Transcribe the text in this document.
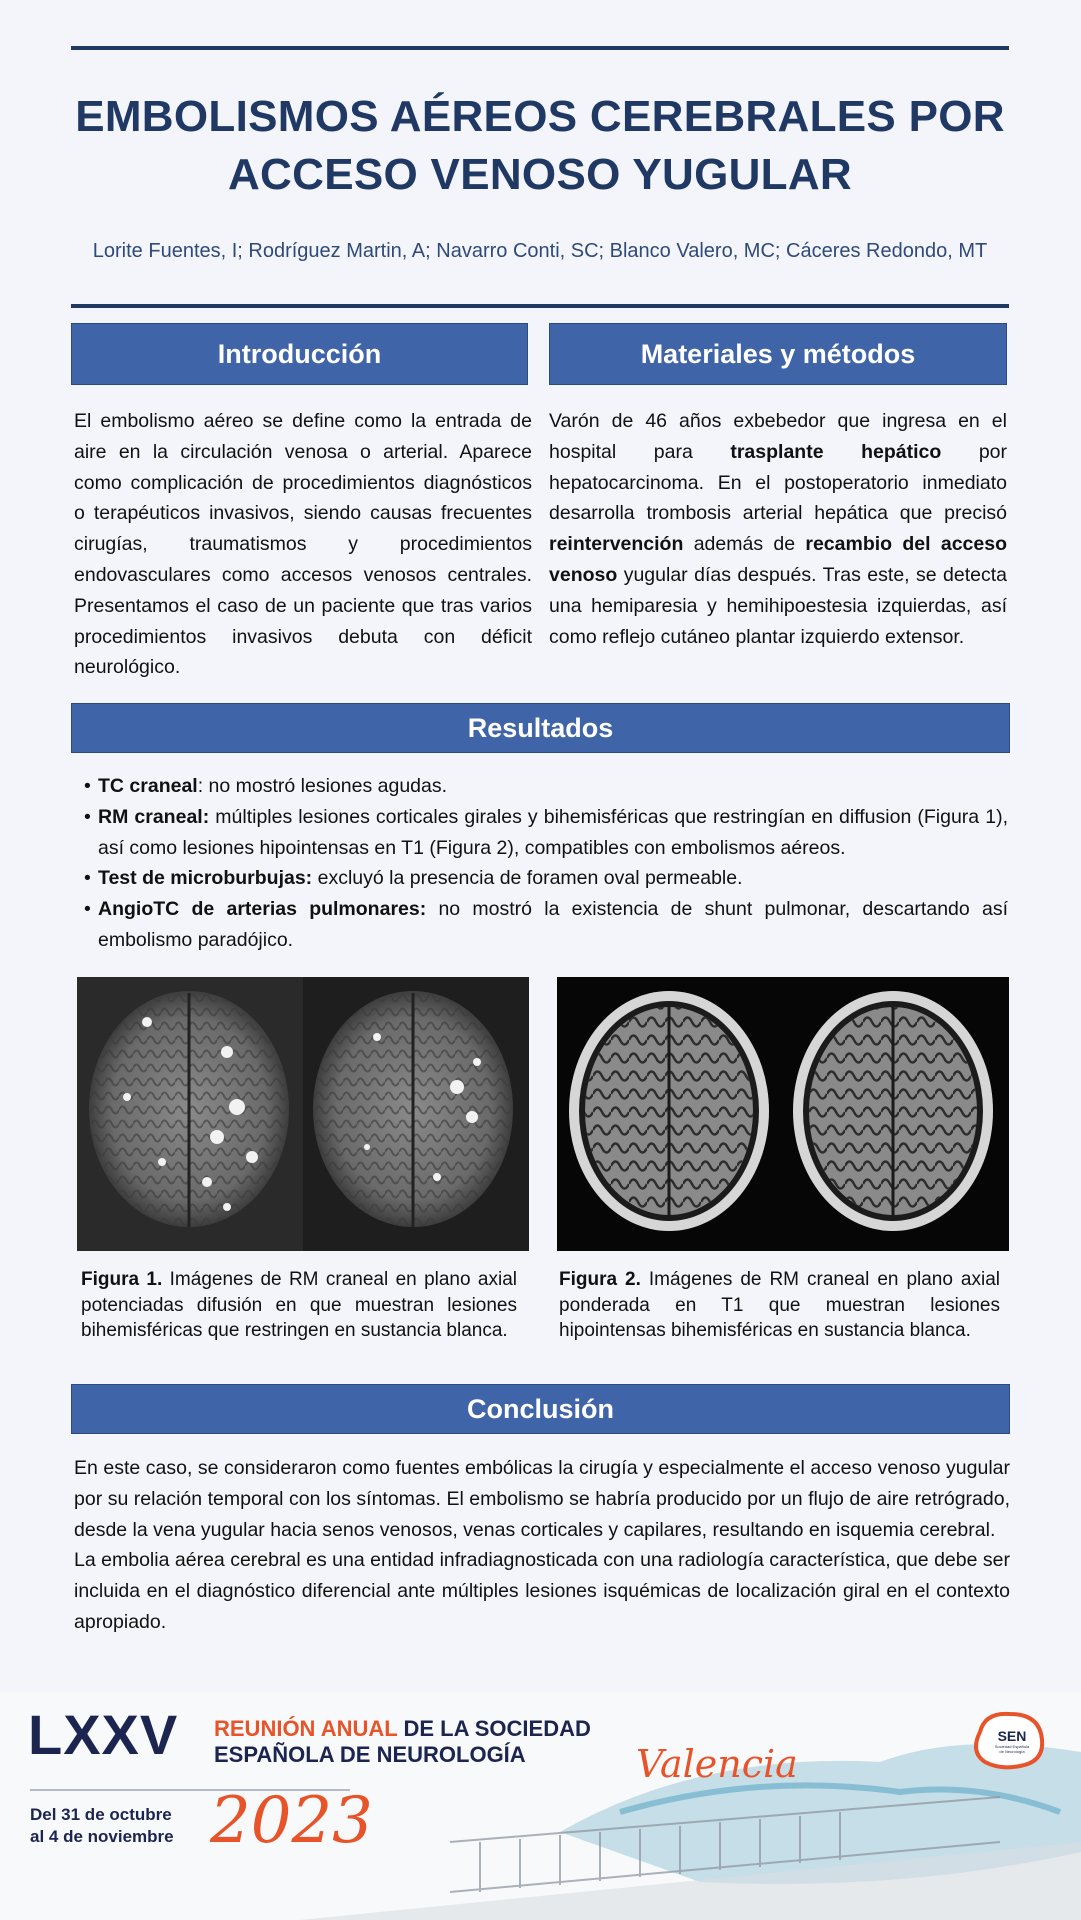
EMBOLISMOS AÉREOS CEREBRALES POR
ACCESO VENOSO YUGULAR
Lorite Fuentes, I; Rodríguez Martin, A; Navarro Conti, SC; Blanco Valero, MC; Cáceres Redondo, MT
Introducción
El embolismo aéreo se define como la entrada de aire en la circulación venosa o arterial. Aparece como complicación de procedimientos diagnósticos o terapéuticos invasivos, siendo causas frecuentes cirugías, traumatismos y procedimientos endovasculares como accesos venosos centrales. Presentamos el caso de un paciente que tras varios procedimientos invasivos debuta con déficit neurológico.
Materiales y métodos
Varón de 46 años exbebedor que ingresa en el hospital para trasplante hepático por hepatocarcinoma. En el postoperatorio inmediato desarrolla trombosis arterial hepática que precisó reintervención además de recambio del acceso venoso yugular días después. Tras este, se detecta una hemiparesia y hemihipoestesia izquierdas, así como reflejo cutáneo plantar izquierdo extensor.
Resultados
• TC craneal: no mostró lesiones agudas.
• RM craneal: múltiples lesiones corticales girales y bihemisféricas que restringían en diffusion (Figura 1), así como lesiones hipointensas en T1 (Figura 2), compatibles con embolismos aéreos.
• Test de microburbujas: excluyó la presencia de foramen oval permeable.
• AngioTC de arterias pulmonares: no mostró la existencia de shunt pulmonar, descartando así embolismo paradójico.
Figura 1. Imágenes de RM craneal en plano axial potenciadas difusión en que muestran lesiones bihemisféricas que restringen en sustancia blanca.
Figura 2. Imágenes de RM craneal en plano axial ponderada en T1 que muestran lesiones hipointensas bihemisféricas en sustancia blanca.
Conclusión
En este caso, se consideraron como fuentes embólicas la cirugía y especialmente el acceso venoso yugular por su relación temporal con los síntomas. El embolismo se habría producido por un flujo de aire retrógrado, desde la vena yugular hacia senos venosos, venas corticales y capilares, resultando en isquemia cerebral.
La embolia aérea cerebral es una entidad infradiagnosticada con una radiología característica, que debe ser incluida en el diagnóstico diferencial ante múltiples lesiones isquémicas de localización giral en el contexto apropiado.
LXXV REUNIÓN ANUAL DE LA SOCIEDAD
ESPAÑOLA DE NEUROLOGÍA	Valencia
Del 31 de octubre
al 4 de noviembre 2023
SEN
Sociedad Española
de Neurología
